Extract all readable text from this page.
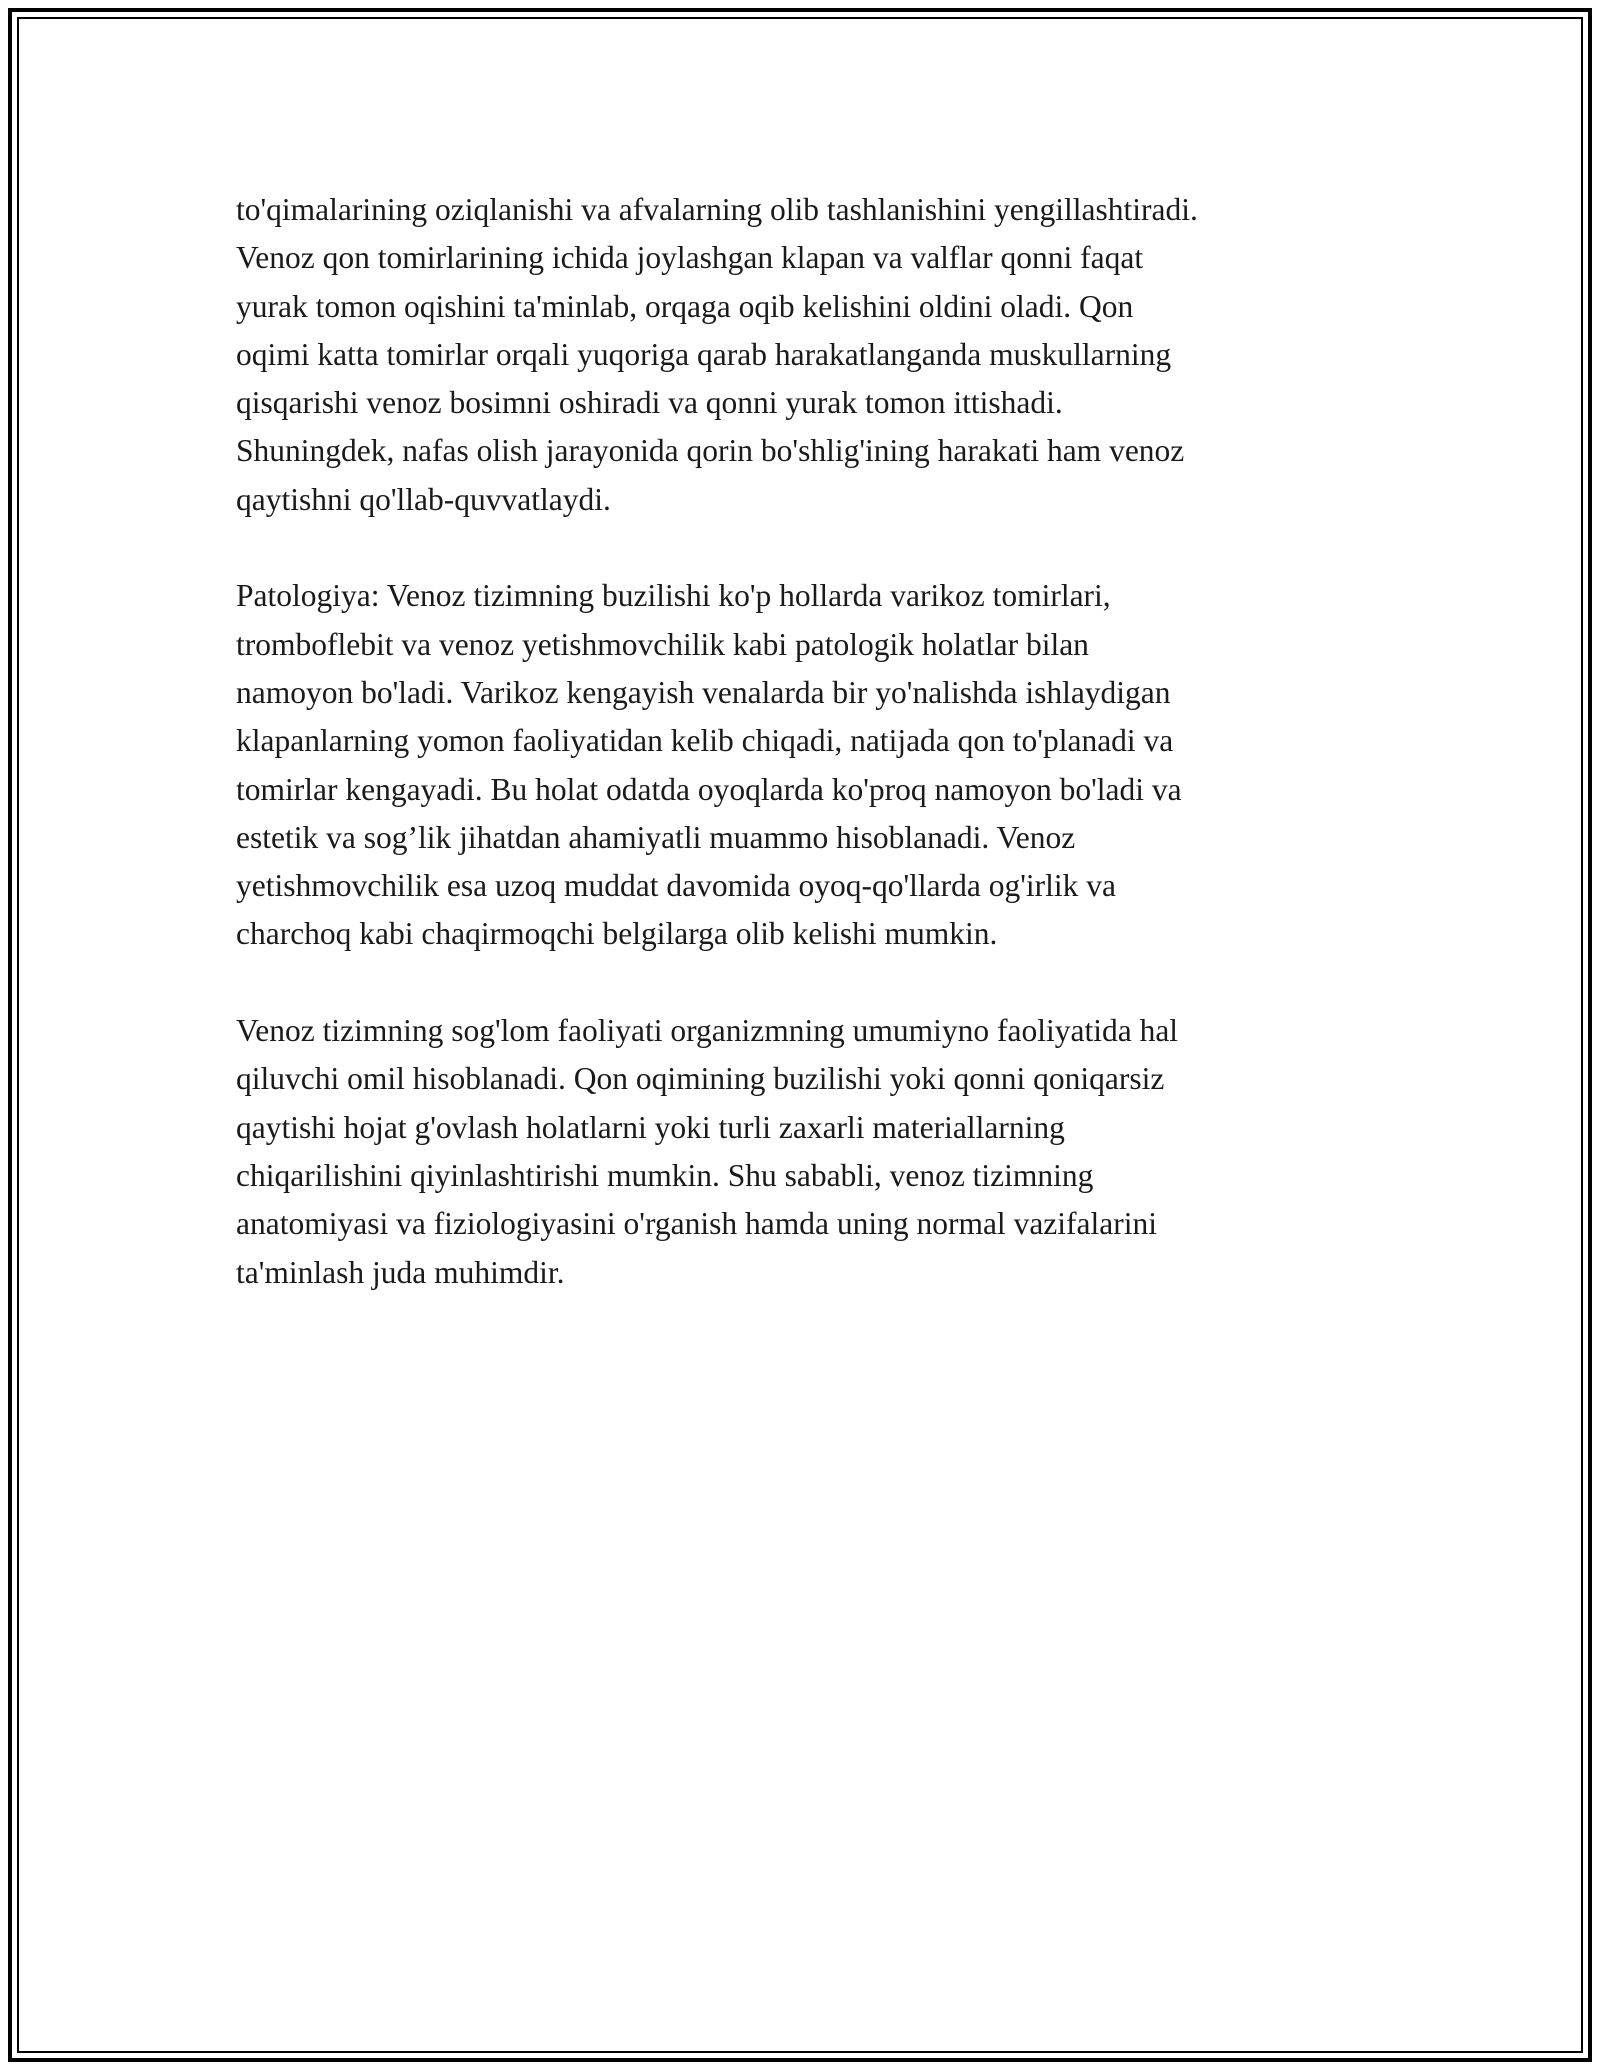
to'qimalarining oziqlanishi va afvalarning olib tashlanishini yengillashtiradi.
Venoz qon tomirlarining ichida joylashgan klapan va valflar qonni faqat
yurak tomon oqishini ta'minlab, orqaga oqib kelishini oldini oladi. Qon
oqimi katta tomirlar orqali yuqoriga qarab harakatlanganda muskullarning
qisqarishi venoz bosimni oshiradi va qonni yurak tomon ittishadi.
Shuningdek, nafas olish jarayonida qorin bo'shlig'ining harakati ham venoz
qaytishni qo'llab-quvvatlaydi.

Patologiya: Venoz tizimning buzilishi ko'p hollarda varikoz tomirlari,
tromboflebit va venoz yetishmovchilik kabi patologik holatlar bilan
namoyon bo'ladi. Varikoz kengayish venalarda bir yo'nalishda ishlaydigan
klapanlarning yomon faoliyatidan kelib chiqadi, natijada qon to'planadi va
tomirlar kengayadi. Bu holat odatda oyoqlarda ko'proq namoyon bo'ladi va
estetik va sog’lik jihatdan ahamiyatli muammo hisoblanadi. Venoz
yetishmovchilik esa uzoq muddat davomida oyoq-qo'llarda og'irlik va
charchoq kabi chaqirmoqchi belgilarga olib kelishi mumkin.

Venoz tizimning sog'lom faoliyati organizmning umumiyno faoliyatida hal
qiluvchi omil hisoblanadi. Qon oqimining buzilishi yoki qonni qoniqarsiz
qaytishi hojat g'ovlash holatlarni yoki turli zaxarli materiallarning
chiqarilishini qiyinlashtirishi mumkin. Shu sababli, venoz tizimning
anatomiyasi va fiziologiyasini o'rganish hamda uning normal vazifalarini
ta'minlash juda muhimdir.
